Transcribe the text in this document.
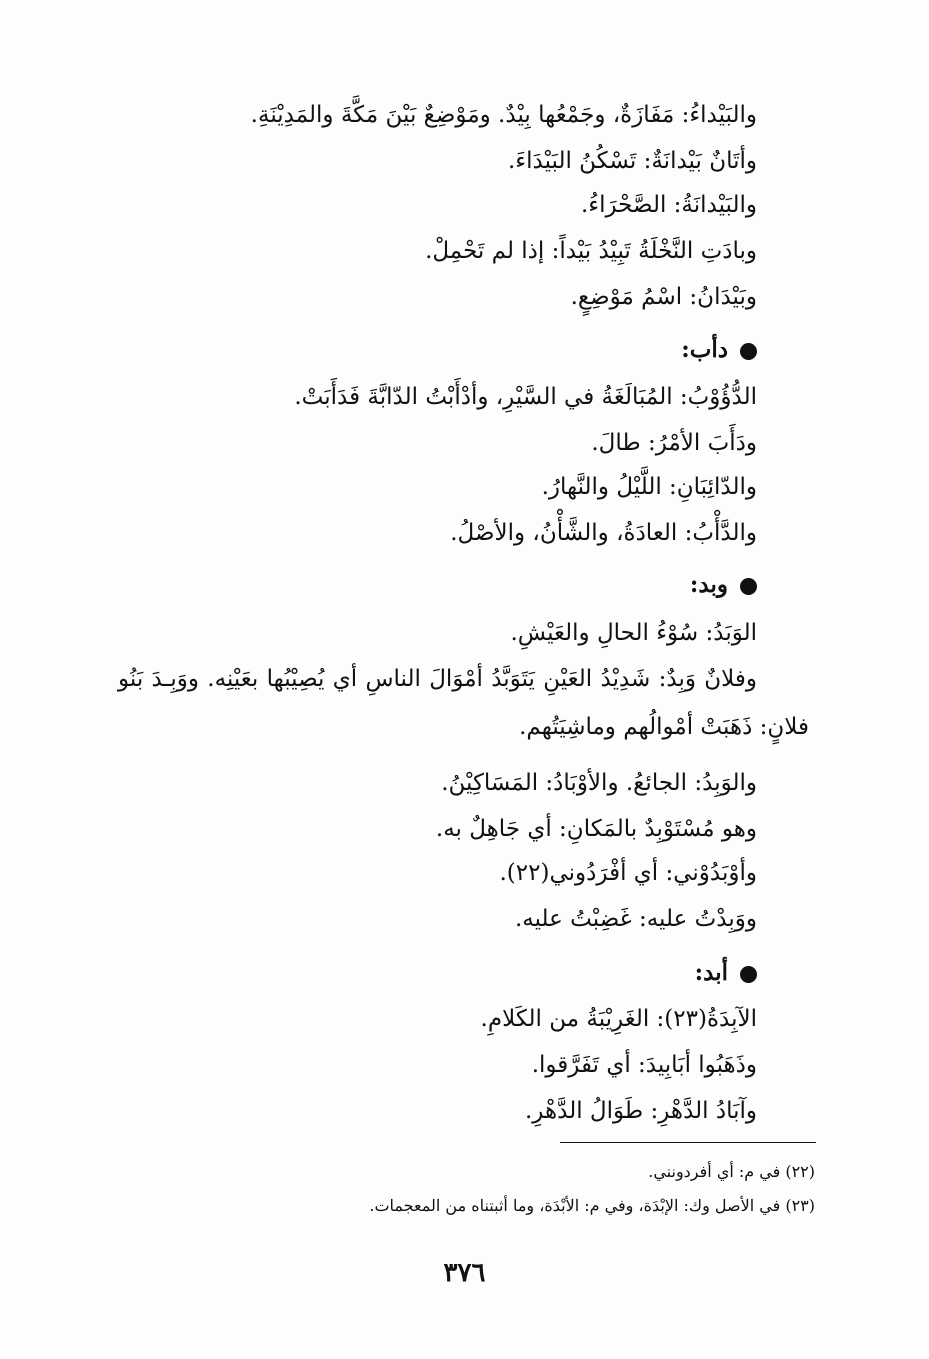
والبَيْداءُ: مَفَازَةٌ، وجَمْعُها بِيْدٌ. ومَوْضِعٌ بَيْنَ مَكَّةَ والمَدِيْنَةِ.
وأتَانٌ بَيْدانَةٌ: تَسْكُنُ البَيْدَاءَ.
والبَيْدانَةُ: الصَّحْرَاءُ.
وبادَتِ النَّخْلَةُ تَبِيْدُ بَيْداً: إذا لم تَحْمِلْ.
وبَيْدَانُ: اسْمُ مَوْضِعٍ.
دأب:
الدُّؤُوْبُ: المُبَالَغَةُ في السَّيْرِ، وأدْأَبْتُ الدّابَّةَ فَدَأَبَتْ.
ودَأَبَ الأمْرُ: طالَ.
والدّائِبَانِ: اللَّيْلُ والنَّهارُ.
والدَّأْبُ: العادَةُ، والشَّأْنُ، والأصْلُ.
وبد:
الوَبَدُ: سُوْءُ الحالِ والعَيْشِ.
وفلانٌ وَبِدٌ: شَدِيْدُ العَيْنِ يَتَوَبَّدُ أمْوَالَ الناسِ أي يُصِيْبُها بعَيْنِه. ووَبِـدَ بَنُو
فلانٍ: ذَهَبَتْ أمْوالُهم وماشِيَتُهم.
والوَبِدُ: الجائعُ. والأوْبَادُ: المَسَاكِيْنُ.
وهو مُسْتَوْبِدٌ بالمَكانِ: أي جَاهِلٌ به.
وأوْبَدُوْني: أي أفْرَدُوني(٢٢).
ووَبِدْتُ عليه: غَضِبْتُ عليه.
أبد:
الآبِدَةُ(٢٣): الغَرِيْبَةُ من الكَلامِ.
وذَهَبُوا أبَابِيدَ: أي تَفَرَّقوا.
وآبَادُ الدَّهْرِ: طَوَالُ الدَّهْرِ.
(٢٢) في م: أي أفردونني.
(٢٣) في الأصل وك: الإبْدَة، وفي م: الأبْدَة، وما أثبتناه من المعجمات.
٣٧٦
